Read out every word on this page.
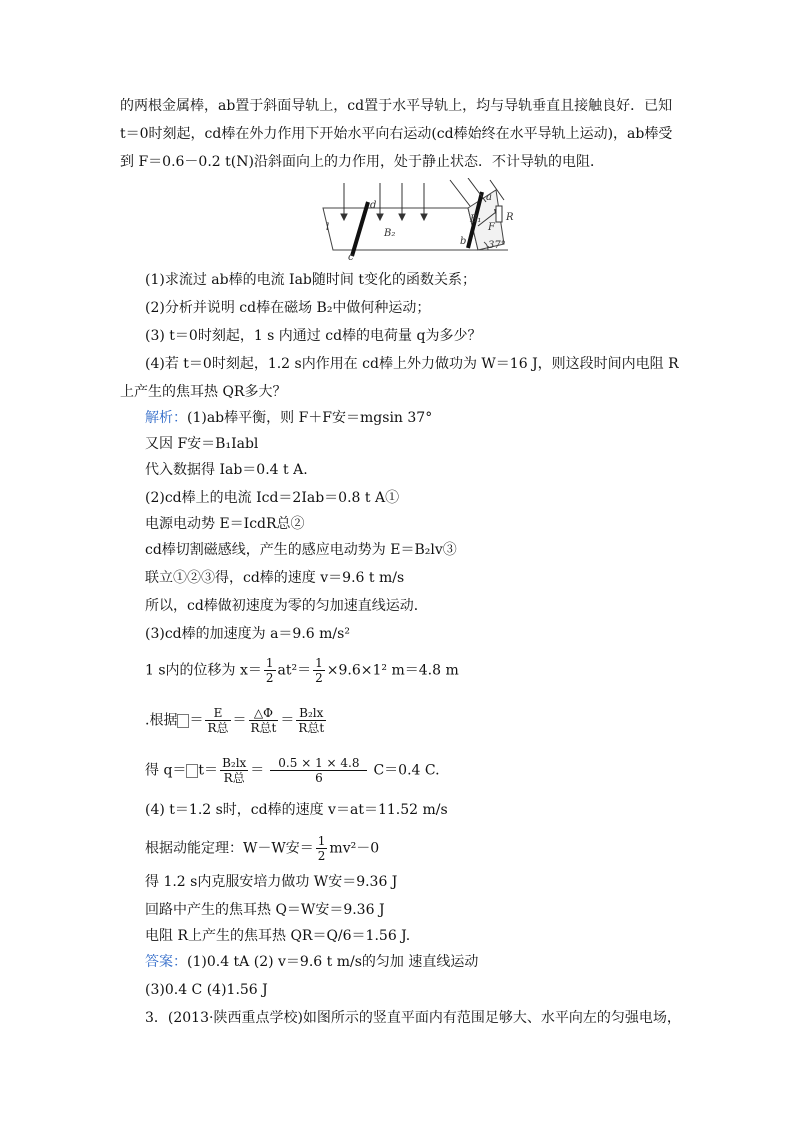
的两根金属棒，ab置于斜面导轨上，cd置于水平导轨上，均与导轨垂直且接触良好．已知
t＝0时刻起，cd棒在外力作用下开始水平向右运动(cd棒始终在水平导轨上运动)，ab棒受
到 F＝0.6－0.2 t(N)沿斜面向上的力作用，处于静止状态．不计导轨的电阻．
d
c
l
B₂
a
b
B₁
F
R
37°
(1)求流过 ab棒的电流 Iab随时间 t变化的函数关系；
(2)分析并说明 cd棒在磁场 B₂中做何种运动；
(3) t＝0时刻起，1 s 内通过 cd棒的电荷量 q为多少？
(4)若 t＝0时刻起，1.2 s内作用在 cd棒上外力做功为 W＝16 J，则这段时间内电阻 R
上产生的焦耳热 QR多大？
解析：(1)ab棒平衡，则 F＋F安＝mgsin 37°
又因 F安＝B₁Iabl
代入数据得 Iab＝0.4 t A.
(2)cd棒上的电流 Icd＝2Iab＝0.8 t A①
电源电动势 E＝IcdR总②
cd棒切割磁感线，产生的感应电动势为 E＝B₂lv③
联立①②③得，cd棒的速度 v＝9.6 t m/s
所以，cd棒做初速度为零的匀加速直线运动．
(3)cd棒的加速度为 a＝9.6 m/s²
1 s内的位移为 $x= \frac{1}{2} at^2= \frac{1}{2} \times 9.6\times 1^2$ m＝4.8 m
.根据 ＝ $\frac{E}{\text{R总}} = \frac{\triangle\Phi}{\text{R总t}} = \frac{\text{B₂lx}}{\text{R总t}}$
得 $q= t= \frac{\text{B₂lx}}{\text{R总}} = \frac{0.5 \times 1 \times 4.8}{6} C=0.4$ C.
(4) t＝1.2 s时，cd棒的速度 v＝at＝11.52 m/s
根据动能定理：W－W安＝ $\frac{1}{2} mv^2-0$
得 1.2 s内克服安培力做功 W安＝9.36 J
回路中产生的焦耳热 Q＝W安＝9.36 J
电阻 R上产生的焦耳热 QR＝Q/6＝1.56 J.
答案：(1)0.4 tA (2) v＝9.6 t m/s的匀加 速直线运动
(3)0.4 C (4)1.56 J
3．(2013·陕西重点学校)如图所示的竖直平面内有范围足够大、水平向左的匀强电场，
